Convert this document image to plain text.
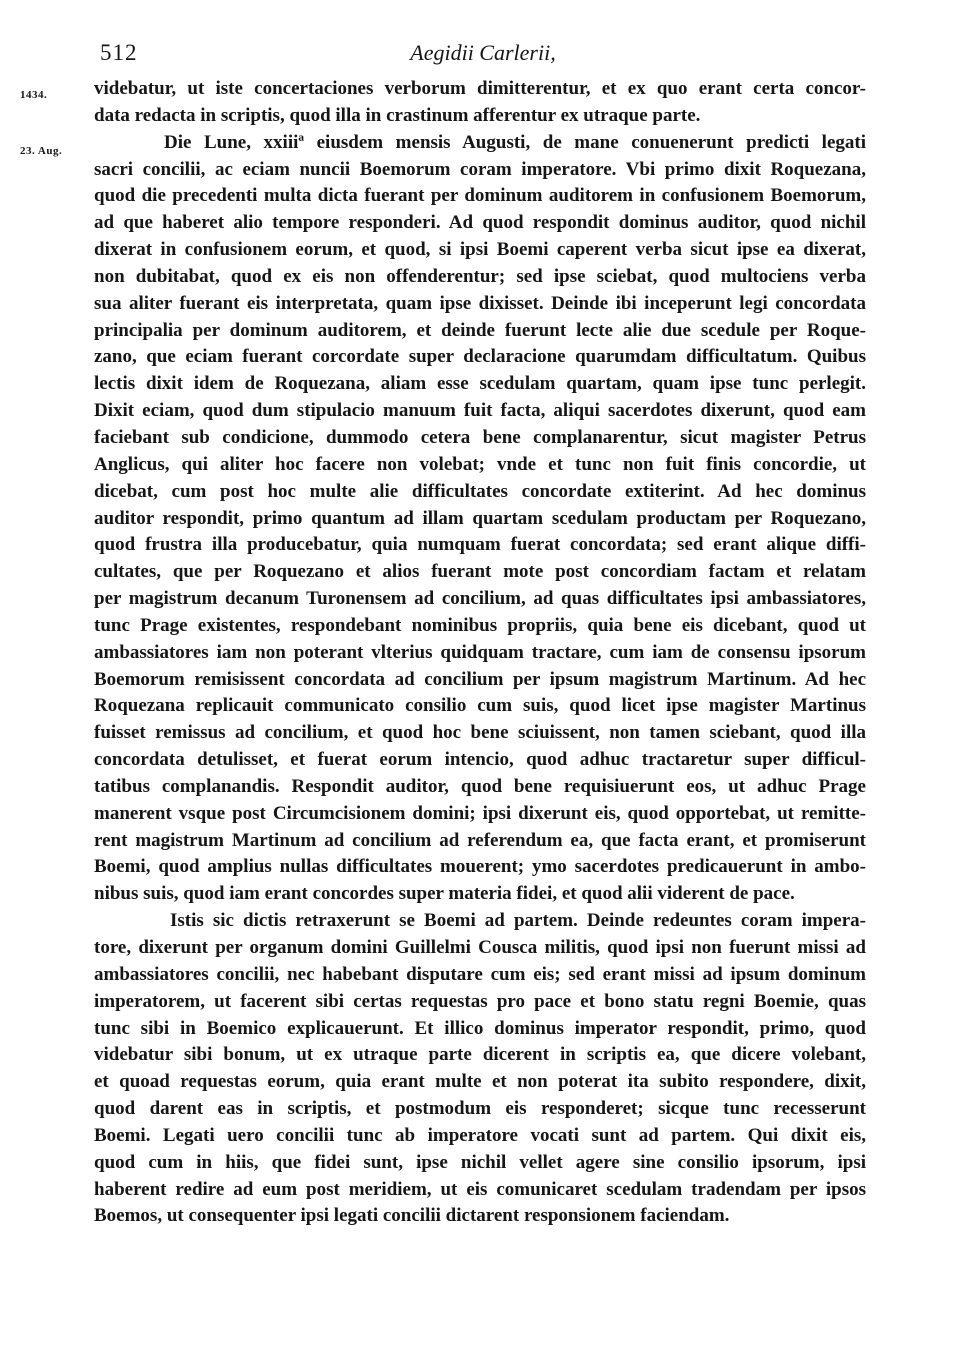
512	Aegidii Carlerii,
1434.
23. Aug.
videbatur, ut iste concertaciones verborum dimitterentur, et ex quo erant certa concor-
data redacta in scriptis, quod illa in crastinum afferentur ex utraque parte.
Die Lune, xxiiiª eiusdem mensis Augusti, de mane conuenerunt predicti legati
sacri concilii, ac eciam nuncii Boemorum coram imperatore. Vbi primo dixit Roquezana,
quod die precedenti multa dicta fuerant per dominum auditorem in confusionem Boemorum,
ad que haberet alio tempore responderi. Ad quod respondit dominus auditor, quod nichil
dixerat in confusionem eorum, et quod, si ipsi Boemi caperent verba sicut ipse ea dixerat,
non dubitabat, quod ex eis non offenderentur; sed ipse sciebat, quod multociens verba
sua aliter fuerant eis interpretata, quam ipse dixisset. Deinde ibi inceperunt legi concordata
principalia per dominum auditorem, et deinde fuerunt lecte alie due scedule per Roque-
zano, que eciam fuerant corcordate super declaracione quarumdam difficultatum. Quibus
lectis dixit idem de Roquezana, aliam esse scedulam quartam, quam ipse tunc perlegit.
Dixit eciam, quod dum stipulacio manuum fuit facta, aliqui sacerdotes dixerunt, quod eam
faciebant sub condicione, dummodo cetera bene complanarentur, sicut magister Petrus
Anglicus, qui aliter hoc facere non volebat; vnde et tunc non fuit finis concordie, ut
dicebat, cum post hoc multe alie difficultates concordate extiterint. Ad hec dominus
auditor respondit, primo quantum ad illam quartam scedulam productam per Roquezano,
quod frustra illa producebatur, quia numquam fuerat concordata; sed erant alique diffi-
cultates, que per Roquezano et alios fuerant mote post concordiam factam et relatam
per magistrum decanum Turonensem ad concilium, ad quas difficultates ipsi ambassiatores,
tunc Prage existentes, respondebant nominibus propriis, quia bene eis dicebant, quod ut
ambassiatores iam non poterant vlterius quidquam tractare, cum iam de consensu ipsorum
Boemorum remisissent concordata ad concilium per ipsum magistrum Martinum. Ad hec
Roquezana replicauit communicato consilio cum suis, quod licet ipse magister Martinus
fuisset remissus ad concilium, et quod hoc bene sciuissent, non tamen sciebant, quod illa
concordata detulisset, et fuerat eorum intencio, quod adhuc tractaretur super difficul-
tatibus complanandis. Respondit auditor, quod bene requisiuerunt eos, ut adhuc Prage
manerent vsque post Circumcisionem domini; ipsi dixerunt eis, quod opportebat, ut remitte-
rent magistrum Martinum ad concilium ad referendum ea, que facta erant, et promiserunt
Boemi, quod amplius nullas difficultates mouerent; ymo sacerdotes predicauerunt in ambo-
nibus suis, quod iam erant concordes super materia fidei, et quod alii viderent de pace.
Istis sic dictis retraxerunt se Boemi ad partem. Deinde redeuntes coram impera-
tore, dixerunt per organum domini Guillelmi Cousca militis, quod ipsi non fuerunt missi ad
ambassiatores concilii, nec habebant disputare cum eis; sed erant missi ad ipsum dominum
imperatorem, ut facerent sibi certas requestas pro pace et bono statu regni Boemie, quas
tunc sibi in Boemico explicauerunt. Et illico dominus imperator respondit, primo, quod
videbatur sibi bonum, ut ex utraque parte dicerent in scriptis ea, que dicere volebant,
et quoad requestas eorum, quia erant multe et non poterat ita subito respondere, dixit,
quod darent eas in scriptis, et postmodum eis responderet; sicque tunc recesserunt
Boemi. Legati uero concilii tunc ab imperatore vocati sunt ad partem. Qui dixit eis,
quod cum in hiis, que fidei sunt, ipse nichil vellet agere sine consilio ipsorum, ipsi
haberent redire ad eum post meridiem, ut eis comunicaret scedulam tradendam per ipsos
Boemos, ut consequenter ipsi legati concilii dictarent responsionem faciendam.
